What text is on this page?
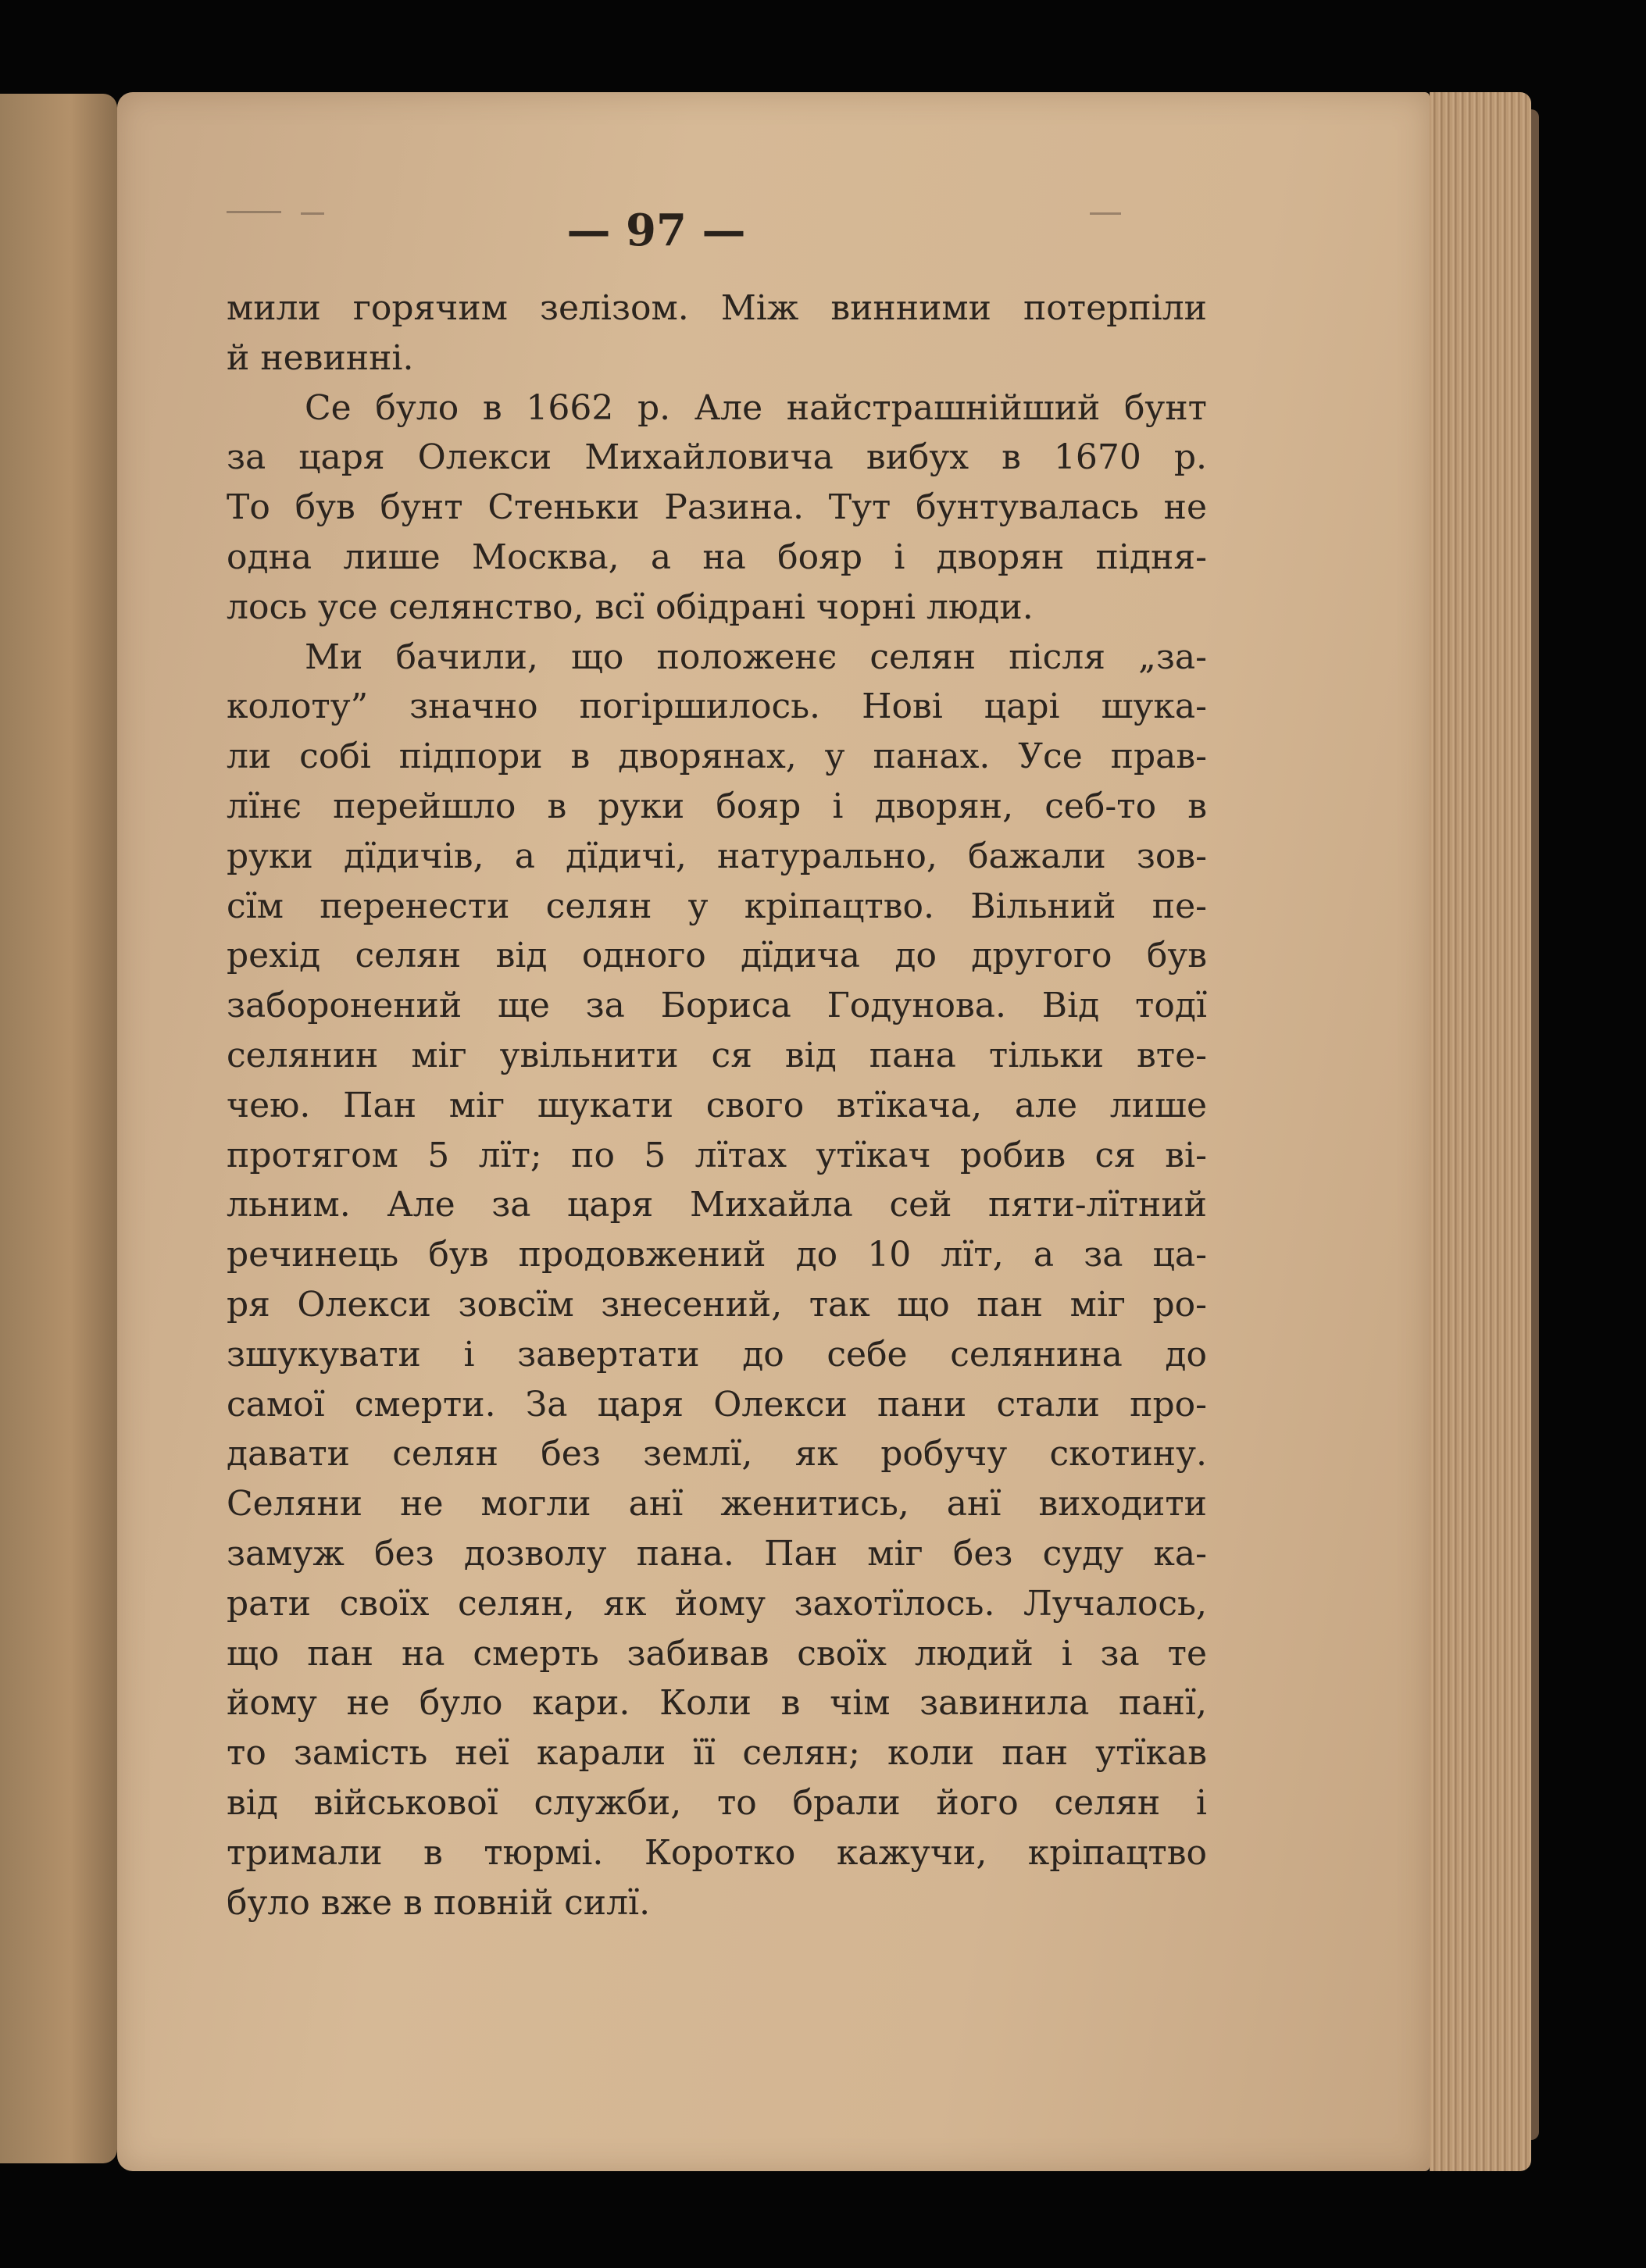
— 97 —
мили горячим зелізом. Між винними потерпіли
й невинні.
Се було в 1662 р. Але найстрашнійший бунт
за царя Олекси Михайловича вибух в 1670 р.
То був бунт Стеньки Разина. Тут бунтувалась не
одна лише Москва, а на бояр і дворян підня-
лось усе селянство, всї обідрані чорні люди.
Ми бачили, що положенє селян після „за-
колоту” значно погіршилось. Нові царі шука-
ли собі підпори в дворянах, у панах. Усе прав-
лїнє перейшло в руки бояр і дворян, себ-то в
руки дїдичів, а дїдичі, натурально, бажали зов-
сїм перенести селян у кріпацтво. Вільний пе-
рехід селян від одного дїдича до другого був
заборонений ще за Бориса Годунова. Від тодї
селянин міг увільнити ся від пана тільки вте-
чею. Пан міг шукати свого втїкача, але лише
протягом 5 лїт; по 5 лїтах утїкач робив ся ві-
льним. Але за царя Михайла сей пяти-лїтний
речинець був продовжений до 10 лїт, а за ца-
ря Олекси зовсїм знесений, так що пан міг ро-
зшукувати і завертати до себе селянина до
самої смерти. За царя Олекси пани стали про-
давати селян без землї, як робучу скотину.
Селяни не могли анї женитись, анї виходити
замуж без дозволу пана. Пан міг без суду ка-
рати своїх селян, як йому захотїлось. Лучалось,
що пан на смерть забивав своїх людий і за те
йому не було кари. Коли в чім завинила панї,
то замість неї карали її селян; коли пан утїкав
від військової служби, то брали його селян і
тримали в тюрмі. Коротко кажучи, кріпацтво
було вже в повній силї.
